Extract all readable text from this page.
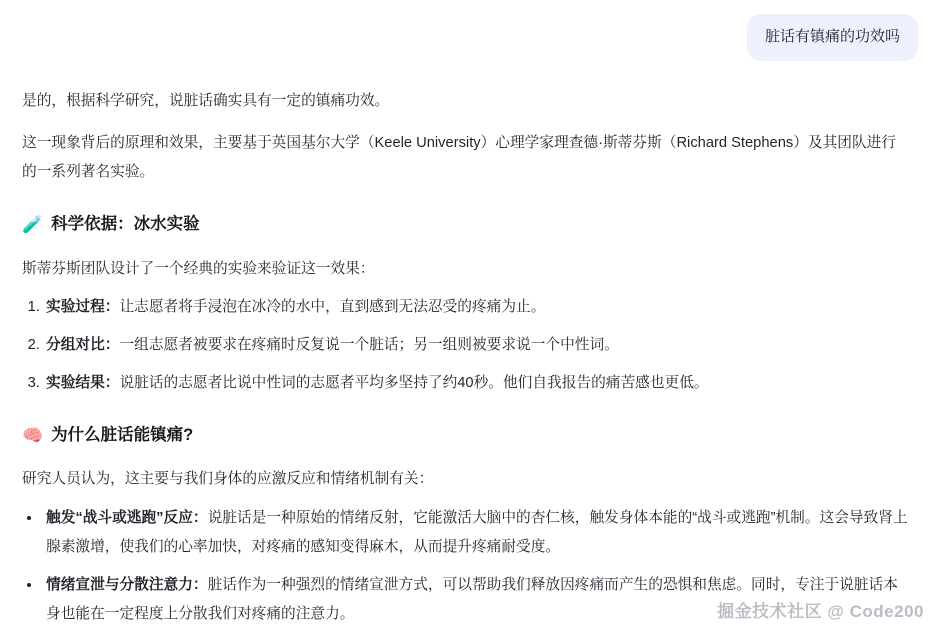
脏话有镇痛的功效吗

是的，根据科学研究，说脏话确实具有一定的镇痛功效。

这一现象背后的原理和效果，主要基于英国基尔大学（Keele University）心理学家理查德·斯蒂芬斯（Richard Stephens）及其团队进行的一系列著名实验。

🧪 科学依据：冰水实验

斯蒂芬斯团队设计了一个经典的实验来验证这一效果：

1. 实验过程：让志愿者将手浸泡在冰冷的水中，直到感到无法忍受的疼痛为止。
2. 分组对比：一组志愿者被要求在疼痛时反复说一个脏话；另一组则被要求说一个中性词。
3. 实验结果：说脏话的志愿者比说中性词的志愿者平均多坚持了约40秒。他们自我报告的痛苦感也更低。
🧠 为什么脏话能镇痛?

研究人员认为，这主要与我们身体的应激反应和情绪机制有关：

• 触发“战斗或逃跑”反应：说脏话是一种原始的情绪反射，它能激活大脑中的杏仁核，触发身体本能的“战斗或逃跑”机制。这会导致肾上腺素激增，使我们的心率加快，对疼痛的感知变得麻木，从而提升疼痛耐受度。
• 情绪宣泄与分散注意力：脏话作为一种强烈的情绪宣泄方式，可以帮助我们释放因疼痛而产生的恐惧和焦虑。同时，专注于说脏话本身也能在一定程度上分散我们对疼痛的注意力。	掘金技术社区 @ Code200
